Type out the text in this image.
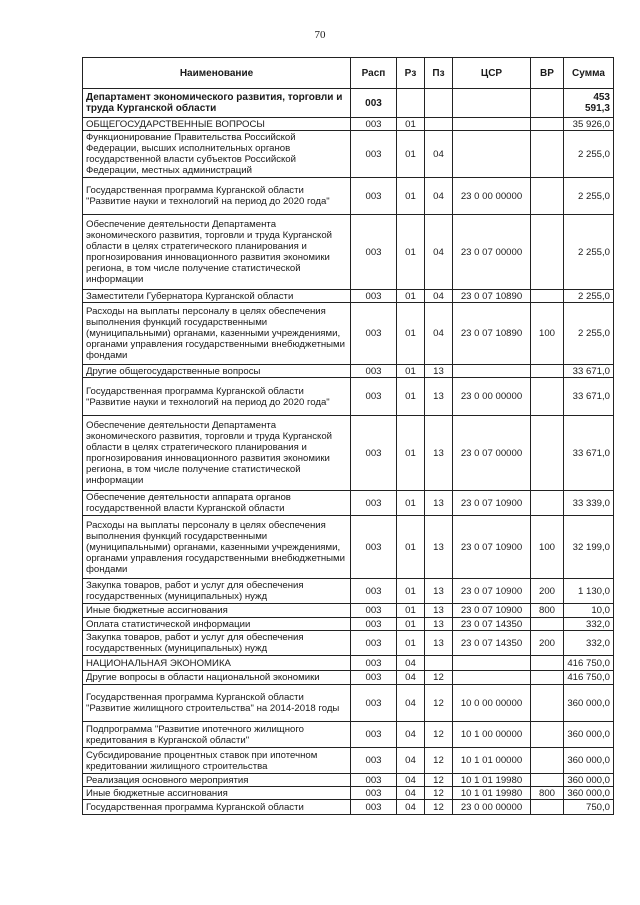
70
Наименование	Расп	Рз	Пз	ЦСР	ВР	Сумма
Департамент экономического развития, торговли и труда Курганской области	003					453 591,3
ОБЩЕГОСУДАРСТВЕННЫЕ ВОПРОСЫ	003	01				35 926,0
Функционирование Правительства Российской Федерации, высших исполнительных органов государственной власти субъектов Российской Федерации, местных администраций	003	01	04			2 255,0
Государственная программа Курганской области "Развитие науки и технологий на период до 2020 года"	003	01	04	23 0 00 00000		2 255,0
Обеспечение деятельности Департамента экономического развития, торговли и труда Курганской области в целях стратегического планирования и прогнозирования инновационного развития экономики региона, в том числе получение статистической информации	003	01	04	23 0 07 00000		2 255,0
Заместители Губернатора Курганской области	003	01	04	23 0 07 10890		2 255,0
Расходы на выплаты персоналу в целях обеспечения выполнения функций государственными (муниципальными) органами, казенными учреждениями, органами управления государственными внебюджетными фондами	003	01	04	23 0 07 10890	100	2 255,0
Другие общегосударственные вопросы	003	01	13			33 671,0
Государственная программа Курганской области "Развитие науки и технологий на период до 2020 года"	003	01	13	23 0 00 00000		33 671,0
Обеспечение деятельности Департамента экономического развития, торговли и труда Курганской области в целях стратегического планирования и прогнозирования инновационного развития экономики региона, в том числе получение статистической информации	003	01	13	23 0 07 00000		33 671,0
Обеспечение деятельности аппарата органов государственной власти Курганской области	003	01	13	23 0 07 10900		33 339,0
Расходы на выплаты персоналу в целях обеспечения выполнения функций государственными (муниципальными) органами, казенными учреждениями, органами управления государственными внебюджетными фондами	003	01	13	23 0 07 10900	100	32 199,0
Закупка товаров, работ и услуг для обеспечения государственных (муниципальных) нужд	003	01	13	23 0 07 10900	200	1 130,0
Иные бюджетные ассигнования	003	01	13	23 0 07 10900	800	10,0
Оплата статистической информации	003	01	13	23 0 07 14350		332,0
Закупка товаров, работ и услуг для обеспечения государственных (муниципальных) нужд	003	01	13	23 0 07 14350	200	332,0
НАЦИОНАЛЬНАЯ ЭКОНОМИКА	003	04				416 750,0
Другие вопросы в области национальной экономики	003	04	12			416 750,0
Государственная программа Курганской области "Развитие жилищного строительства" на 2014-2018 годы	003	04	12	10 0 00 00000		360 000,0
Подпрограмма "Развитие ипотечного жилищного кредитования в Курганской области"	003	04	12	10 1 00 00000		360 000,0
Субсидирование процентных ставок при ипотечном кредитовании жилищного строительства	003	04	12	10 1 01 00000		360 000,0
Реализация основного мероприятия	003	04	12	10 1 01 19980		360 000,0
Иные бюджетные ассигнования	003	04	12	10 1 01 19980	800	360 000,0
Государственная программа Курганской области	003	04	12	23 0 00 00000		750,0
